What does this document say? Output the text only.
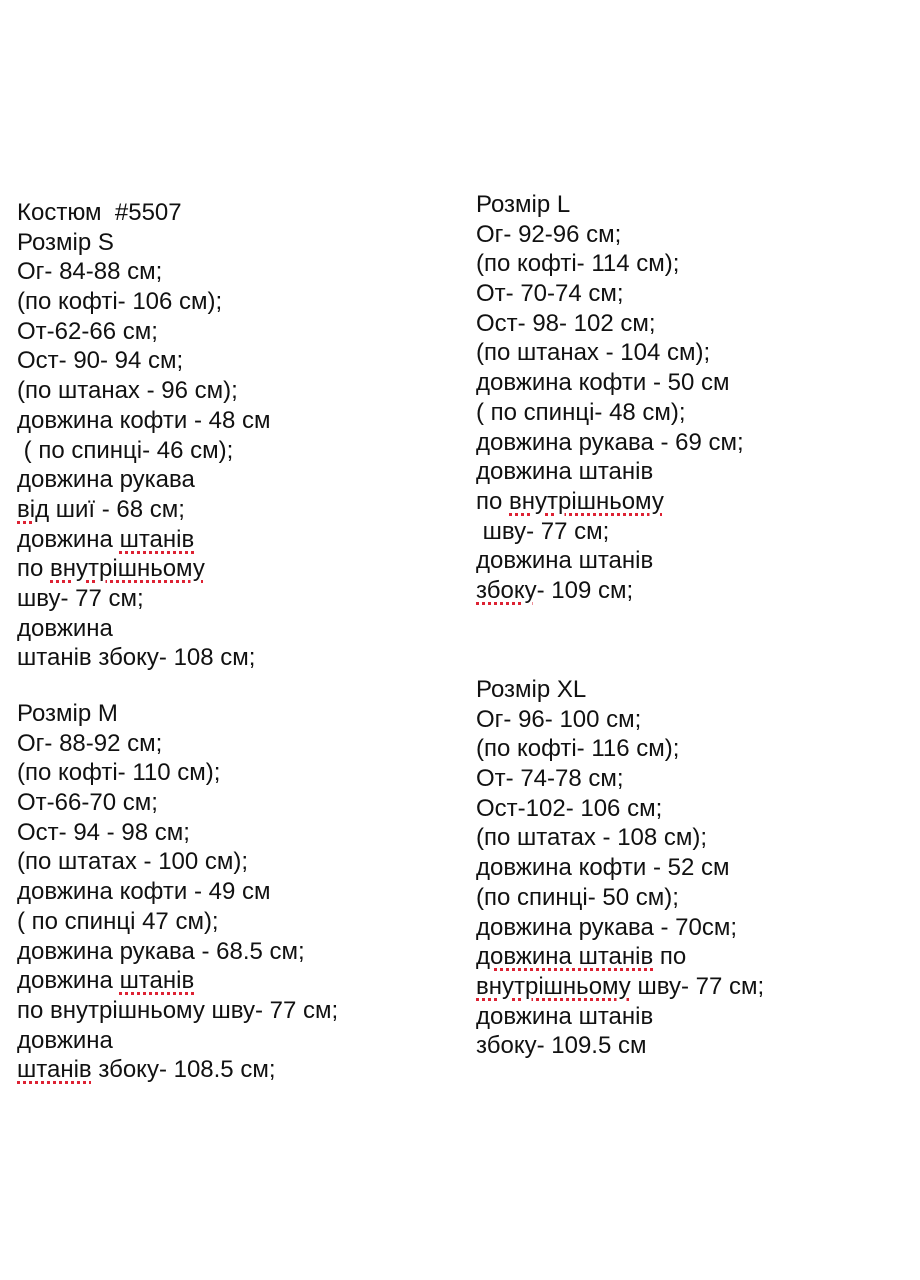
Костюм  #5507
Розмір S
Ог- 84-88 см;
(по кофті- 106 см);
От-62-66 см;
Ост- 90- 94 см;
(по штанах - 96 см);
довжина кофти - 48 см
( по спинці- 46 см);
довжина рукава
від шиї - 68 см;
довжина штанів
по внутрішньому
шву- 77 см;
довжина
штанів збоку- 108 см;
Розмір M
Ог- 88-92 см;
(по кофті- 110 см);
От-66-70 см;
Ост- 94 - 98 см;
(по штатах - 100 см);
довжина кофти - 49 см
( по спинці 47 см);
довжина рукава - 68.5 см;
довжина штанів
по внутрішньому шву- 77 см;
довжина
штанів збоку- 108.5 см;
Розмір L
Ог- 92-96 см;
(по кофті- 114 см);
От- 70-74 см;
Ост- 98- 102 см;
(по штанах - 104 см);
довжина кофти - 50 см
( по спинці- 48 см);
довжина рукава - 69 см;
довжина штанів
по внутрішньому
шву- 77 см;
довжина штанів
збоку- 109 см;
Розмір XL
Ог- 96- 100 см;
(по кофті- 116 см);
От- 74-78 см;
Ост-102- 106 см;
(по штатах - 108 см);
довжина кофти - 52 см
(по спинці- 50 см);
довжина рукава - 70см;
довжина штанів по
внутрішньому шву- 77 см;
довжина штанів
збоку- 109.5 см
